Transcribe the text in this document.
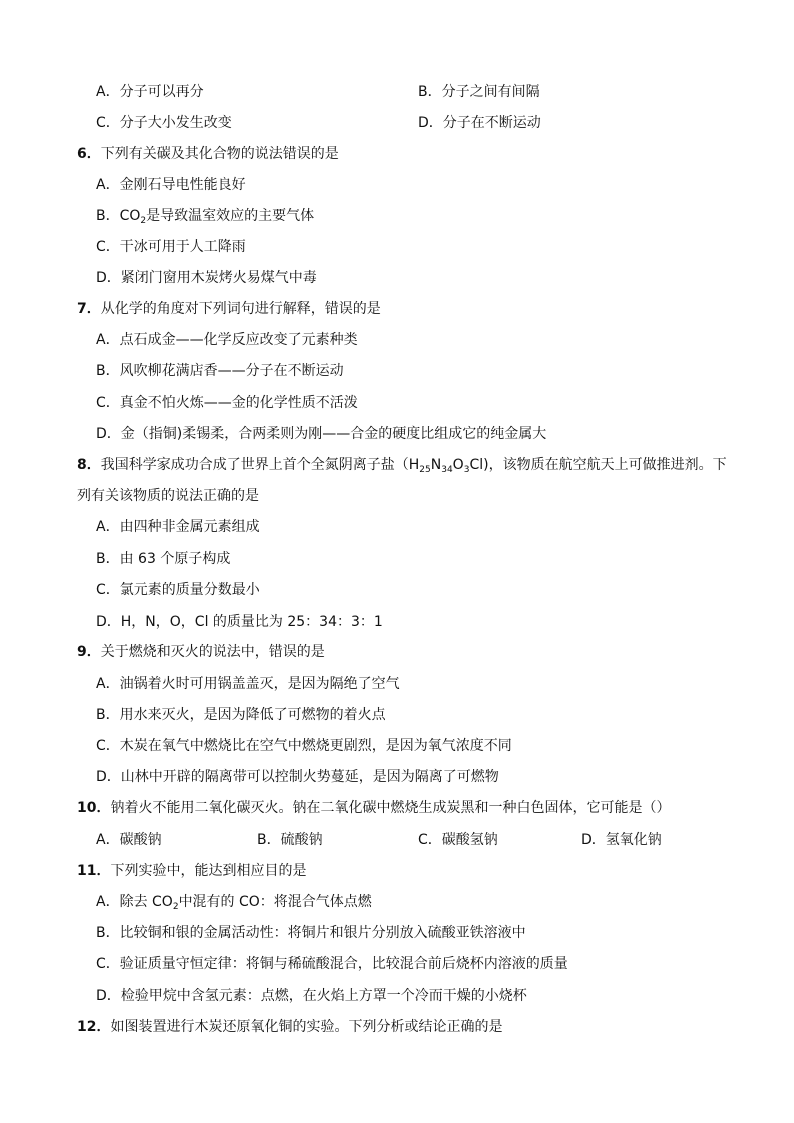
A．分子可以再分	B．分子之间有间隔
C．分子大小发生改变	D．分子在不断运动
6．下列有关碳及其化合物的说法错误的是
A．金刚石导电性能良好
B．$CO_2$是导致温室效应的主要气体
C．干冰可用于人工降雨
D．紧闭门窗用木炭烤火易煤气中毒
7．从化学的角度对下列词句进行解释，错误的是
A．点石成金——化学反应改变了元素种类
B．风吹柳花满店香——分子在不断运动
C．真金不怕火炼——金的化学性质不活泼
D．金（指铜)柔锡柔，合两柔则为刚——合金的硬度比组成它的纯金属大
8．我国科学家成功合成了世界上首个全氮阴离子盐$(H_{25}N_{34}O_3Cl)$，该物质在航空航天上可做推进剂。下
列有关该物质的说法正确的是
A．由四种非金属元素组成
B．由 63 个原子构成
C．氯元素的质量分数最小
D．H，N，O，Cl 的质量比为 25：34：3：1
9．关于燃烧和灭火的说法中，错误的是
A．油锅着火时可用锅盖盖灭，是因为隔绝了空气
B．用水来灭火，是因为降低了可燃物的着火点
C．木炭在氧气中燃烧比在空气中燃烧更剧烈，是因为氧气浓度不同
D．山林中开辟的隔离带可以控制火势蔓延，是因为隔离了可燃物
10．钠着火不能用二氧化碳灭火。钠在二氧化碳中燃烧生成炭黑和一种白色固体，它可能是（）
A．碳酸钠	B．硫酸钠	C．碳酸氢钠	D．氢氧化钠
11．下列实验中，能达到相应目的是
A．除去 $CO_2$中混有的 CO：将混合气体点燃
B．比较铜和银的金属活动性：将铜片和银片分别放入硫酸亚铁溶液中
C．验证质量守恒定律：将铜与稀硫酸混合，比较混合前后烧杯内溶液的质量
D．检验甲烷中含氢元素：点燃，在火焰上方罩一个冷而干燥的小烧杯
12．如图装置进行木炭还原氧化铜的实验。下列分析或结论正确的是
